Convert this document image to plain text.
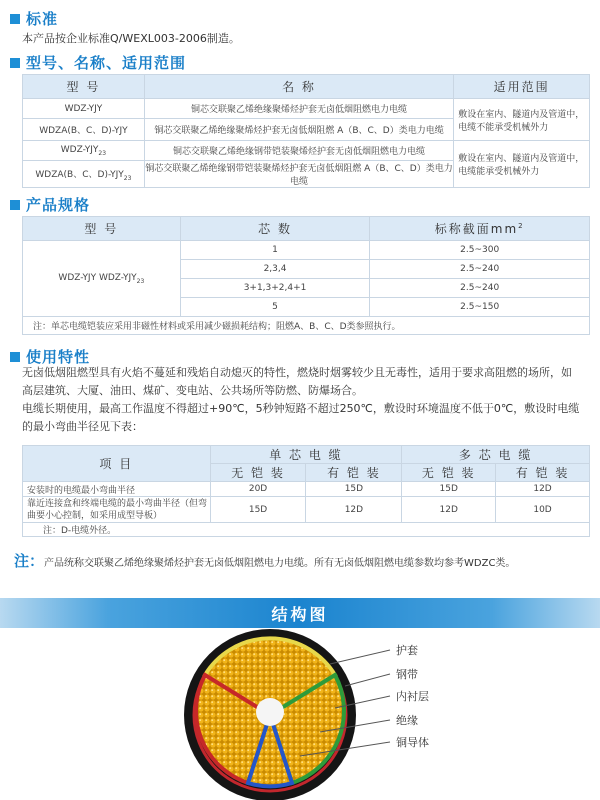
标准
本产品按企业标准Q/WEXL003-2006制造。
型号、名称、适用范围
型 号	名 称	适用范围
WDZ-YJY	铜芯交联聚乙烯绝缘聚烯烃护套无卤低烟阻燃电力电缆	敷设在室内、隧道内及管道中，电缆不能承受机械外力
WDZA(B、C、D)-YJY	铜芯交联聚乙烯绝缘聚烯烃护套无卤低烟阻燃 A（B、C、D）类电力电缆	
WDZ-$YJY_{23}$	铜芯交联聚乙烯绝缘钢带铠装聚烯烃护套无卤低烟阻燃电力电缆	敷设在室内、隧道内及管道中，电缆能承受机械外力
WDZA(B、C、$D)-YJY_{23}$	铜芯交联聚乙烯绝缘钢带铠装聚烯烃护套无卤低烟阻燃 A（B、C、D）类电力电缆	
产品规格
型 号	芯 数	标称截面$mm^2$
WDZ-YJY WDZ-$YJY_{23}$	1	2.5~300
	2,3,4	2.5~240
	3+1,3+2,4+1	2.5~240
	5	2.5~150
注：单芯电缆铠装应采用非磁性材料或采用减少磁损耗结构；阻燃A、B、C、D类参照执行。		
使用特性
无卤低烟阻燃型具有火焰不蔓延和残焰自动熄灭的特性，燃烧时烟雾较少且无毒性，适用于要求高阻燃的场所，如高层建筑、大厦、油田、煤矿、变电站、公共场所等防燃、防爆场合。
电缆长期使用，最高工作温度不得超过+90℃，5秒钟短路不超过250℃，敷设时环境温度不低于0℃，敷设时电缆的最小弯曲半径见下表：
项 目	单 芯 电 缆		多 芯 电 缆	
	无 铠 装	有 铠 装	无 铠 装	有 铠 装
安装时的电缆最小弯曲半径	20D	15D	15D	12D
靠近连接盒和终端电缆的最小弯曲半径（但弯曲要小心控制，如采用成型导板）	15D	12D	12D	10D
注：D-电缆外径。				
注：产品统称交联聚乙烯绝缘聚烯烃护套无卤低烟阻燃电力电缆。所有无卤低烟阻燃电缆参数均参考WDZC类。
结构图
护套
钢带
内衬层
绝缘
铜导体
